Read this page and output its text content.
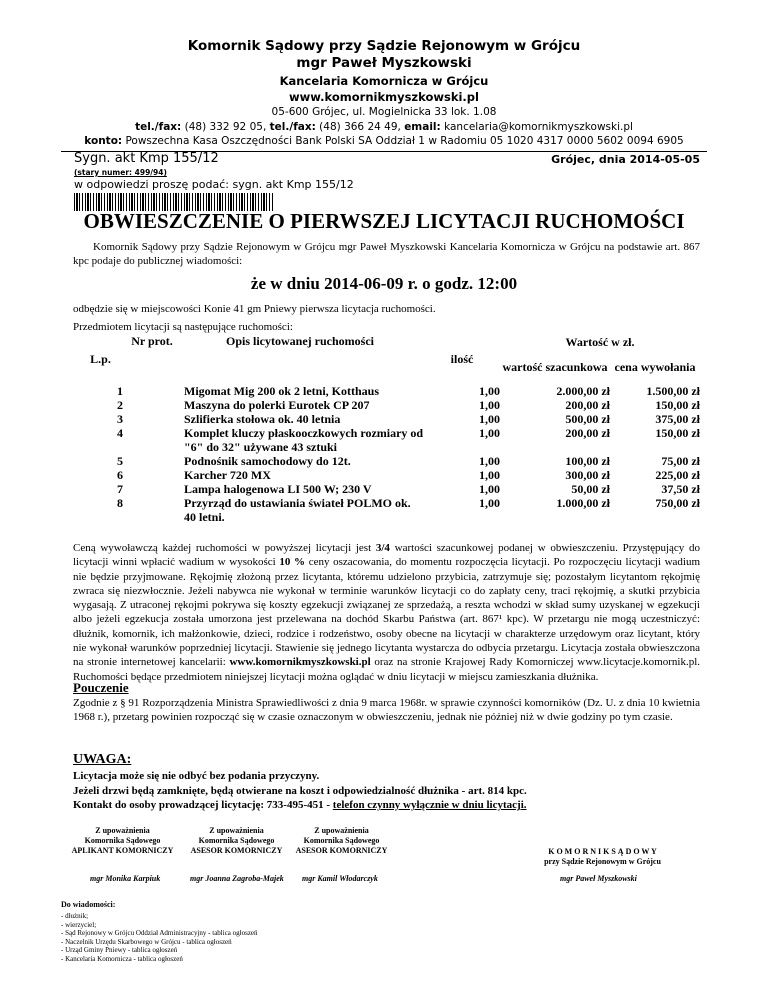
Komornik Sądowy przy Sądzie Rejonowym w Grójcu
mgr Paweł Myszkowski
Kancelaria Komornicza w Grójcu
www.komornikmyszkowski.pl
05-600 Grójec, ul. Mogielnicka 33 lok. 1.08
tel./fax: (48) 332 92 05, tel./fax: (48) 366 24 49, email: kancelaria@komornikmyszkowski.pl
konto: Powszechna Kasa Oszczędności Bank Polski SA Oddział 1 w Radomiu 05 1020 4317 0000 5602 0094 6905
Sygn. akt Kmp 155/12	Grójec, dnia 2014-05-05
(stary numer: 499/94)
w odpowiedzi proszę podać: sygn. akt Kmp 155/12
OBWIESZCZENIE O PIERWSZEJ LICYTACJI RUCHOMOŚCI
Komornik Sądowy przy Sądzie Rejonowym w Grójcu mgr Paweł Myszkowski Kancelaria Komornicza w Grójcu na podstawie art. 867 kpc podaje do publicznej wiadomości:
że w dniu 2014-06-09 r. o godz. 12:00
odbędzie się w miejscowości Konie 41 gm Pniewy pierwsza licytacja ruchomości.
Przedmiotem licytacji są następujące ruchomości:
L.p.	Nr prot.	Opis licytowanej ruchomości	ilość	Wartość w zł.	
				wartość szacunkowa	cena wywołania
1		Migomat Mig 200 ok 2 letni, Kotthaus	1,00	2.000,00 zł	1.500,00 zł
2		Maszyna do polerki Eurotek CP 207	1,00	200,00 zł	150,00 zł
3		Szlifierka stołowa ok. 40 letnia	1,00	500,00 zł	375,00 zł
4		Komplet kluczy płaskooczkowych rozmiary od "6" do 32" używane 43 sztuki	1,00	200,00 zł	150,00 zł
5		Podnośnik samochodowy do 12t.	1,00	100,00 zł	75,00 zł
6		Karcher 720 MX	1,00	300,00 zł	225,00 zł
7		Lampa halogenowa LI 500 W; 230 V	1,00	50,00 zł	37,50 zł
8		Przyrząd do ustawiania świateł POLMO ok. 40 letni.	1,00	1.000,00 zł	750,00 zł
Ceną wywoławczą każdej ruchomości w powyższej licytacji jest 3/4 wartości szacunkowej podanej w obwieszczeniu. Przystępujący do licytacji winni wpłacić wadium w wysokości 10 % ceny oszacowania, do momentu rozpoczęcia licytacji. Po rozpoczęciu licytacji wadium nie będzie przyjmowane. Rękojmię złożoną przez licytanta, któremu udzielono przybicia, zatrzymuje się; pozostałym licytantom rękojmię zwraca się niezwłocznie. Jeżeli nabywca nie wykonał w terminie warunków licytacji co do zapłaty ceny, traci rękojmię, a skutki przybicia wygasają. Z utraconej rękojmi pokrywa się koszty egzekucji związanej ze sprzedażą, a reszta wchodzi w skład sumy uzyskanej w egzekucji albo jeżeli egzekucja została umorzona jest przelewana na dochód Skarbu Państwa (art. 867¹ kpc). W przetargu nie mogą uczestniczyć: dłużnik, komornik, ich małżonkowie, dzieci, rodzice i rodzeństwo, osoby obecne na licytacji w charakterze urzędowym oraz licytant, który nie wykonał warunków poprzedniej licytacji. Stawienie się jednego licytanta wystarcza do odbycia przetargu. Licytacja została obwieszczona na stronie internetowej kancelarii: www.komornikmyszkowski.pl oraz na stronie Krajowej Rady Komorniczej www.licytacje.komornik.pl. Ruchomości będące przedmiotem niniejszej licytacji można oglądać w dniu licytacji w miejscu zamieszkania dłużnika.
Pouczenie
Zgodnie z § 91 Rozporządzenia Ministra Sprawiedliwości z dnia 9 marca 1968r. w sprawie czynności komorników (Dz. U. z dnia 10 kwietnia 1968 r.), przetarg powinien rozpocząć się w czasie oznaczonym w obwieszczeniu, jednak nie później niż w dwie godziny po tym czasie.
UWAGA:
Licytacja może się nie odbyć bez podania przyczyny.
Jeżeli drzwi będą zamknięte, będą otwierane na koszt i odpowiedzialność dłużnika - art. 814 kpc.
Kontakt do osoby prowadzącej licytację: 733-495-451 - telefon czynny wyłącznie w dniu licytacji.
Z upoważnienia
Komornika Sądowego
APLIKANT KOMORNICZY
Z upoważnienia
Komornika Sądowego
ASESOR KOMORNICZY
Z upoważnienia
Komornika Sądowego
ASESOR KOMORNICZY	K O M O R N I K S Ą D O W Y
przy Sądzie Rejonowym w Grójcu
mgr Monika Karpiuk	mgr Joanna Zagroba-Majek mgr Kamil Włodarczyk	mgr Paweł Myszkowski
Do wiadomości:
- dłużnik;
- wierzyciel;
- Sąd Rejonowy w Grójcu Oddział Administracyjny - tablica ogłoszeń
- Naczelnik Urzędu Skarbowego w Grójcu - tablica ogłoszeń
- Urząd Gminy Pniewy - tablica ogłoszeń
- Kancelaria Komornicza - tablica ogłoszeń
